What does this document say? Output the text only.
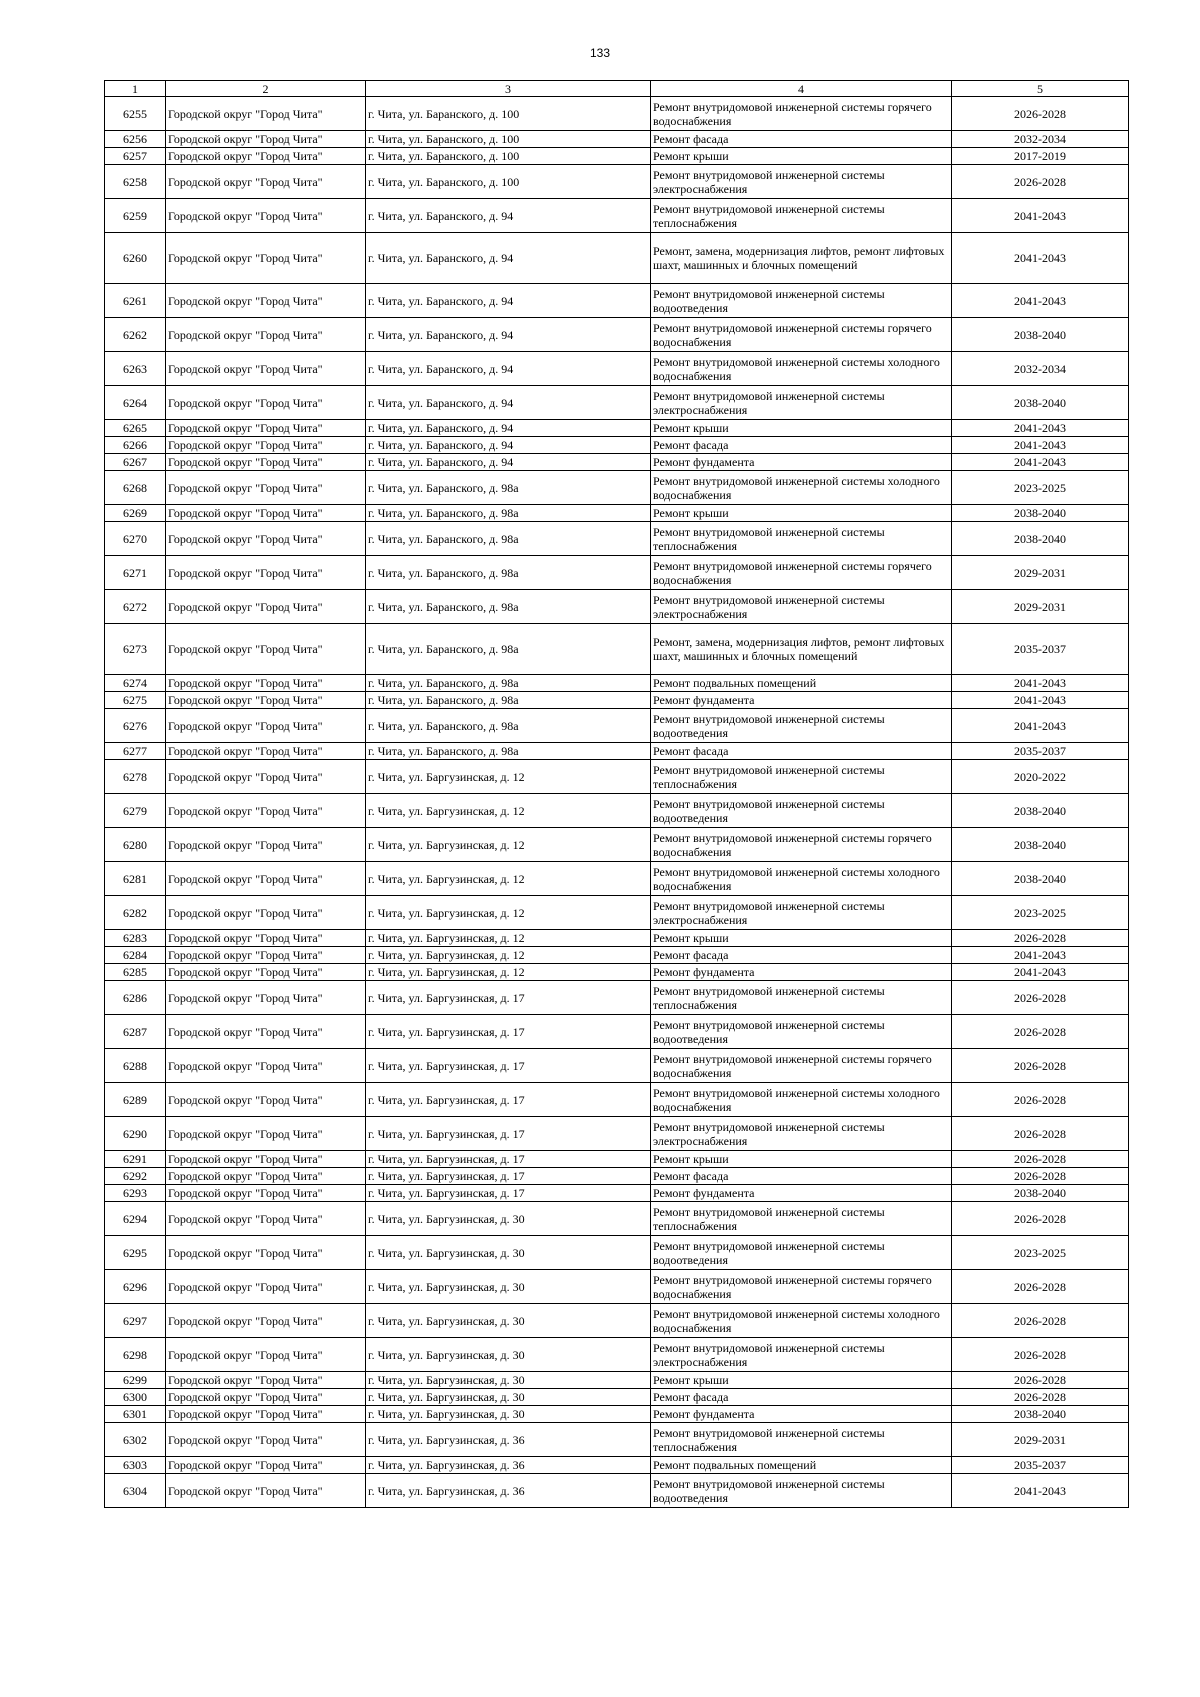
133
1	2	3	4	5
6255	Городской округ "Город Чита"	г. Чита, ул. Баранского, д. 100	Ремонт внутридомовой инженерной системы горячего водоснабжения	2026-2028
6256	Городской округ "Город Чита"	г. Чита, ул. Баранского, д. 100	Ремонт фасада	2032-2034
6257	Городской округ "Город Чита"	г. Чита, ул. Баранского, д. 100	Ремонт крыши	2017-2019
6258	Городской округ "Город Чита"	г. Чита, ул. Баранского, д. 100	Ремонт внутридомовой инженерной системы электроснабжения	2026-2028
6259	Городской округ "Город Чита"	г. Чита, ул. Баранского, д. 94	Ремонт внутридомовой инженерной системы теплоснабжения	2041-2043
6260	Городской округ "Город Чита"	г. Чита, ул. Баранского, д. 94	Ремонт, замена, модернизация лифтов, ремонт лифтовых шахт, машинных и блочных помещений	2041-2043
6261	Городской округ "Город Чита"	г. Чита, ул. Баранского, д. 94	Ремонт внутридомовой инженерной системы водоотведения	2041-2043
6262	Городской округ "Город Чита"	г. Чита, ул. Баранского, д. 94	Ремонт внутридомовой инженерной системы горячего водоснабжения	2038-2040
6263	Городской округ "Город Чита"	г. Чита, ул. Баранского, д. 94	Ремонт внутридомовой инженерной системы холодного водоснабжения	2032-2034
6264	Городской округ "Город Чита"	г. Чита, ул. Баранского, д. 94	Ремонт внутридомовой инженерной системы электроснабжения	2038-2040
6265	Городской округ "Город Чита"	г. Чита, ул. Баранского, д. 94	Ремонт крыши	2041-2043
6266	Городской округ "Город Чита"	г. Чита, ул. Баранского, д. 94	Ремонт фасада	2041-2043
6267	Городской округ "Город Чита"	г. Чита, ул. Баранского, д. 94	Ремонт фундамента	2041-2043
6268	Городской округ "Город Чита"	г. Чита, ул. Баранского, д. 98а	Ремонт внутридомовой инженерной системы холодного водоснабжения	2023-2025
6269	Городской округ "Город Чита"	г. Чита, ул. Баранского, д. 98а	Ремонт крыши	2038-2040
6270	Городской округ "Город Чита"	г. Чита, ул. Баранского, д. 98а	Ремонт внутридомовой инженерной системы теплоснабжения	2038-2040
6271	Городской округ "Город Чита"	г. Чита, ул. Баранского, д. 98а	Ремонт внутридомовой инженерной системы горячего водоснабжения	2029-2031
6272	Городской округ "Город Чита"	г. Чита, ул. Баранского, д. 98а	Ремонт внутридомовой инженерной системы электроснабжения	2029-2031
6273	Городской округ "Город Чита"	г. Чита, ул. Баранского, д. 98а	Ремонт, замена, модернизация лифтов, ремонт лифтовых шахт, машинных и блочных помещений	2035-2037
6274	Городской округ "Город Чита"	г. Чита, ул. Баранского, д. 98а	Ремонт подвальных помещений	2041-2043
6275	Городской округ "Город Чита"	г. Чита, ул. Баранского, д. 98а	Ремонт фундамента	2041-2043
6276	Городской округ "Город Чита"	г. Чита, ул. Баранского, д. 98а	Ремонт внутридомовой инженерной системы водоотведения	2041-2043
6277	Городской округ "Город Чита"	г. Чита, ул. Баранского, д. 98а	Ремонт фасада	2035-2037
6278	Городской округ "Город Чита"	г. Чита, ул. Баргузинская, д. 12	Ремонт внутридомовой инженерной системы теплоснабжения	2020-2022
6279	Городской округ "Город Чита"	г. Чита, ул. Баргузинская, д. 12	Ремонт внутридомовой инженерной системы водоотведения	2038-2040
6280	Городской округ "Город Чита"	г. Чита, ул. Баргузинская, д. 12	Ремонт внутридомовой инженерной системы горячего водоснабжения	2038-2040
6281	Городской округ "Город Чита"	г. Чита, ул. Баргузинская, д. 12	Ремонт внутридомовой инженерной системы холодного водоснабжения	2038-2040
6282	Городской округ "Город Чита"	г. Чита, ул. Баргузинская, д. 12	Ремонт внутридомовой инженерной системы электроснабжения	2023-2025
6283	Городской округ "Город Чита"	г. Чита, ул. Баргузинская, д. 12	Ремонт крыши	2026-2028
6284	Городской округ "Город Чита"	г. Чита, ул. Баргузинская, д. 12	Ремонт фасада	2041-2043
6285	Городской округ "Город Чита"	г. Чита, ул. Баргузинская, д. 12	Ремонт фундамента	2041-2043
6286	Городской округ "Город Чита"	г. Чита, ул. Баргузинская, д. 17	Ремонт внутридомовой инженерной системы теплоснабжения	2026-2028
6287	Городской округ "Город Чита"	г. Чита, ул. Баргузинская, д. 17	Ремонт внутридомовой инженерной системы водоотведения	2026-2028
6288	Городской округ "Город Чита"	г. Чита, ул. Баргузинская, д. 17	Ремонт внутридомовой инженерной системы горячего водоснабжения	2026-2028
6289	Городской округ "Город Чита"	г. Чита, ул. Баргузинская, д. 17	Ремонт внутридомовой инженерной системы холодного водоснабжения	2026-2028
6290	Городской округ "Город Чита"	г. Чита, ул. Баргузинская, д. 17	Ремонт внутридомовой инженерной системы электроснабжения	2026-2028
6291	Городской округ "Город Чита"	г. Чита, ул. Баргузинская, д. 17	Ремонт крыши	2026-2028
6292	Городской округ "Город Чита"	г. Чита, ул. Баргузинская, д. 17	Ремонт фасада	2026-2028
6293	Городской округ "Город Чита"	г. Чита, ул. Баргузинская, д. 17	Ремонт фундамента	2038-2040
6294	Городской округ "Город Чита"	г. Чита, ул. Баргузинская, д. 30	Ремонт внутридомовой инженерной системы теплоснабжения	2026-2028
6295	Городской округ "Город Чита"	г. Чита, ул. Баргузинская, д. 30	Ремонт внутридомовой инженерной системы водоотведения	2023-2025
6296	Городской округ "Город Чита"	г. Чита, ул. Баргузинская, д. 30	Ремонт внутридомовой инженерной системы горячего водоснабжения	2026-2028
6297	Городской округ "Город Чита"	г. Чита, ул. Баргузинская, д. 30	Ремонт внутридомовой инженерной системы холодного водоснабжения	2026-2028
6298	Городской округ "Город Чита"	г. Чита, ул. Баргузинская, д. 30	Ремонт внутридомовой инженерной системы электроснабжения	2026-2028
6299	Городской округ "Город Чита"	г. Чита, ул. Баргузинская, д. 30	Ремонт крыши	2026-2028
6300	Городской округ "Город Чита"	г. Чита, ул. Баргузинская, д. 30	Ремонт фасада	2026-2028
6301	Городской округ "Город Чита"	г. Чита, ул. Баргузинская, д. 30	Ремонт фундамента	2038-2040
6302	Городской округ "Город Чита"	г. Чита, ул. Баргузинская, д. 36	Ремонт внутридомовой инженерной системы теплоснабжения	2029-2031
6303	Городской округ "Город Чита"	г. Чита, ул. Баргузинская, д. 36	Ремонт подвальных помещений	2035-2037
6304	Городской округ "Город Чита"	г. Чита, ул. Баргузинская, д. 36	Ремонт внутридомовой инженерной системы водоотведения	2041-2043
